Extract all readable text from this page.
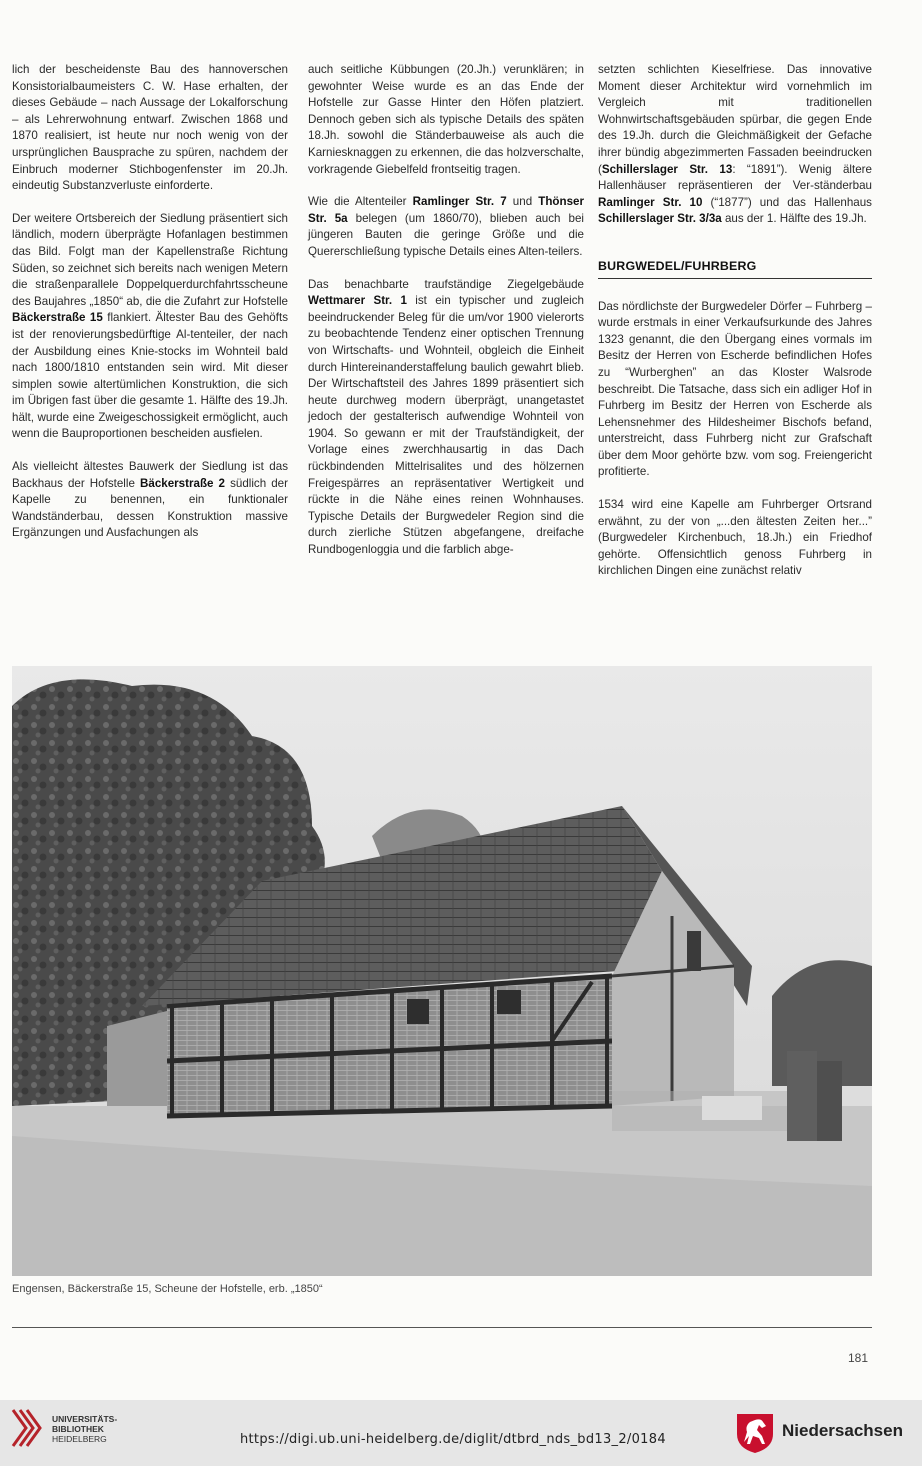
lich der bescheidenste Bau des hannoverschen Konsistorialbaumeisters C. W. Hase erhalten, der dieses Gebäude – nach Aussage der Lokalforschung – als Lehrerwohnung entwarf. Zwischen 1868 und 1870 realisiert, ist heute nur noch wenig von der ursprünglichen Bausprache zu spüren, nachdem der Einbruch moderner Stichbogenfenster im 20.Jh. eindeutig Substanzverluste einforderte.

Der weitere Ortsbereich der Siedlung präsentiert sich ländlich, modern überprägte Hofanlagen bestimmen das Bild. Folgt man der Kapellenstraße Richtung Süden, so zeichnet sich bereits nach wenigen Metern die straßenparallele Doppelquerdurchfahrtsscheune des Baujahres „1850“ ab, die die Zufahrt zur Hofstelle Bäckerstraße 15 flankiert. Ältester Bau des Gehöfts ist der renovierungsbedürftige Al-tenteiler, der nach der Ausbildung eines Knie-stocks im Wohnteil bald nach 1800/1810 entstanden sein wird. Mit dieser simplen sowie altertümlichen Konstruktion, die sich im Übrigen fast über die gesamte 1. Hälfte des 19.Jh. hält, wurde eine Zweigeschossigkeit ermöglicht, auch wenn die Bauproportionen bescheiden ausfielen.

Als vielleicht ältestes Bauwerk der Siedlung ist das Backhaus der Hofstelle Bäckerstraße 2 südlich der Kapelle zu benennen, ein funktionaler Wandständerbau, dessen Konstruktion massive Ergänzungen und Ausfachungen als

auch seitliche Kübbungen (20.Jh.) verunklären; in gewohnter Weise wurde es an das Ende der Hofstelle zur Gasse Hinter den Höfen platziert. Dennoch geben sich als typische Details des späten 18.Jh. sowohl die Ständerbauweise als auch die Karniesknaggen zu erkennen, die das holzverschalte, vorkragende Giebelfeld frontseitig tragen.

Wie die Altenteiler Ramlinger Str. 7 und Thönser Str. 5a belegen (um 1860/70), blieben auch bei jüngeren Bauten die geringe Größe und die Quererschließung typische Details eines Alten-teilers.

Das benachbarte traufständige Ziegelgebäude Wettmarer Str. 1 ist ein typischer und zugleich beeindruckender Beleg für die um/vor 1900 vielerorts zu beobachtende Tendenz einer optischen Trennung von Wirtschafts- und Wohnteil, obgleich die Einheit durch Hintereinanderstaffelung baulich gewahrt blieb. Der Wirtschaftsteil des Jahres 1899 präsentiert sich heute durchweg modern überprägt, unangetastet jedoch der gestalterisch aufwendige Wohnteil von 1904. So gewann er mit der Traufständigkeit, der Vorlage eines zwerchhausartig in das Dach rückbindenden Mittelrisalites und des hölzernen Freigespärres an repräsentativer Wertigkeit und rückte in die Nähe eines reinen Wohnhauses. Typische Details der Burgwedeler Region sind die durch zierliche Stützen abgefangene, dreifache Rundbogenloggia und die farblich abge-

setzten schlichten Kieselfriese. Das innovative Moment dieser Architektur wird vornehmlich im Vergleich mit traditionellen Wohnwirtschaftsgebäuden spürbar, die gegen Ende des 19.Jh. durch die Gleichmäßigkeit der Gefache ihrer bündig abgezimmerten Fassaden beeindrucken (Schillerslager Str. 13: “1891”). Wenig ältere Hallenhäuser repräsentieren der Ver-ständerbau Ramlinger Str. 10 (“1877”) und das Hallenhaus Schillerslager Str. 3/3a aus der 1. Hälfte des 19.Jh.

BURGWEDEL/FUHRBERG

Das nördlichste der Burgwedeler Dörfer – Fuhrberg – wurde erstmals in einer Verkaufsurkunde des Jahres 1323 genannt, die den Übergang eines vormals im Besitz der Herren von Escherde befindlichen Hofes zu “Wurberghen” an das Kloster Walsrode beschreibt. Die Tatsache, dass sich ein adliger Hof in Fuhrberg im Besitz der Herren von Escherde als Lehensnehmer des Hildesheimer Bischofs befand, unterstreicht, dass Fuhrberg nicht zur Grafschaft über dem Moor gehörte bzw. vom sog. Freiengericht profitierte.

1534 wird eine Kapelle am Fuhrberger Ortsrand erwähnt, zu der von „...den ältesten Zeiten her...” (Burgwedeler Kirchenbuch, 18.Jh.) ein Friedhof gehörte. Offensichtlich genoss Fuhrberg in kirchlichen Dingen eine zunächst relativ

Engensen, Bäckerstraße 15, Scheune der Hofstelle, erb. „1850“
181
UNIVERSITÄTS-
BIBLIOTHEK
HEIDELBERG	https://digi.ub.uni-heidelberg.de/diglit/dtbrd_nds_bd13_2/0184	Niedersachsen
